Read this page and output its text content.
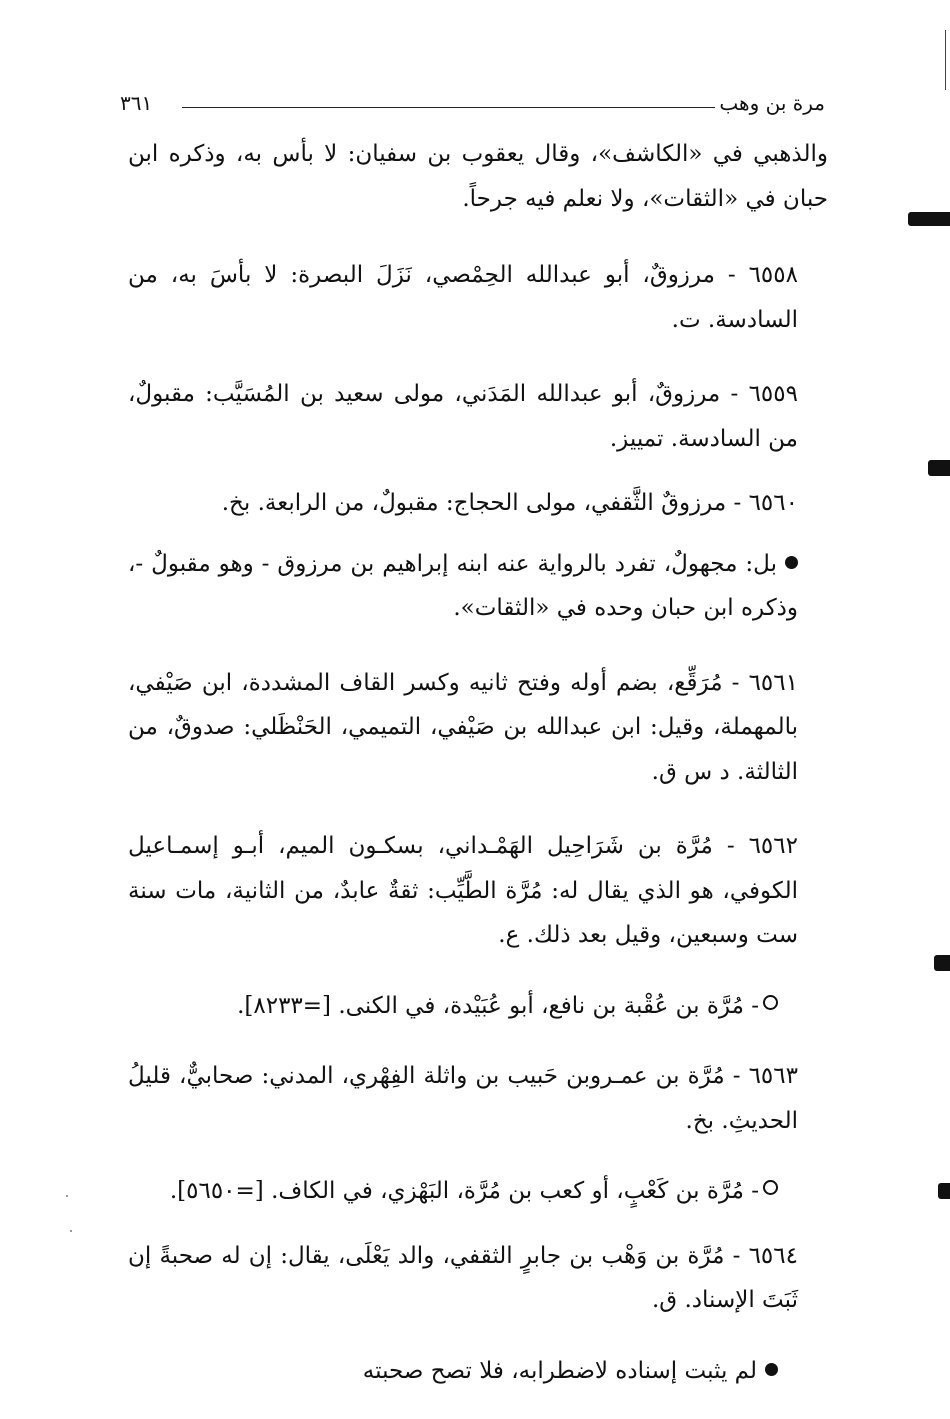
مرة بن وهب
٣٦١

والذهبي في «الكاشف»، وقال يعقوب بن سفيان: لا بأس به، وذكره ابن حبان في «الثقات»، ولا نعلم فيه جرحاً.

٦٥٥٨ - مرزوقٌ، أبو عبدالله الحِمْصي، نَزَلَ البصرة: لا بأسَ به، من السادسة. ت.

٦٥٥٩ - مرزوقٌ، أبو عبدالله المَدَني، مولى سعيد بن المُسَيَّب: مقبولٌ، من السادسة. تمييز.

٦٥٦٠ - مرزوقٌ الثَّقفي، مولى الحجاج: مقبولٌ، من الرابعة. بخ.

بل: مجهولٌ، تفرد بالرواية عنه ابنه إبراهيم بن مرزوق - وهو مقبولٌ -، وذكره ابن حبان وحده في «الثقات».

٦٥٦١ - مُرَقِّع، بضم أوله وفتح ثانيه وكسر القاف المشددة، ابن صَيْفي، بالمهملة، وقيل: ابن عبدالله بن صَيْفي، التميمي، الحَنْظَلي: صدوقٌ، من الثالثة. د س ق.

٦٥٦٢ - مُرَّة بن شَرَاحِيل الهَمْـداني، بسكـون الميم، أبـو إسمـاعيل الكوفي، هو الذي يقال له: مُرَّة الطَّيِّب: ثقةٌ عابدٌ، من الثانية، مات سنة ست وسبعين، وقيل بعد ذلك. ع.

- مُرَّة بن عُقْبة بن نافع، أبو عُبَيْدة، في الكنى. [=٨٢٣٣].

٦٥٦٣ - مُرَّة بن عمـروبن حَبيب بن واثلة الفِهْري، المدني: صحابيٌّ، قليلُ الحديثِ. بخ.

- مُرَّة بن كَعْبٍ، أو كعب بن مُرَّة، البَهْزي، في الكاف. [=٥٦٥٠].

٦٥٦٤ - مُرَّة بن وَهْب بن جابرٍ الثقفي، والد يَعْلَى، يقال: إن له صحبةً إن ثَبَتَ الإسناد. ق.

لم يثبت إسناده لاضطرابه، فلا تصح صحبته
